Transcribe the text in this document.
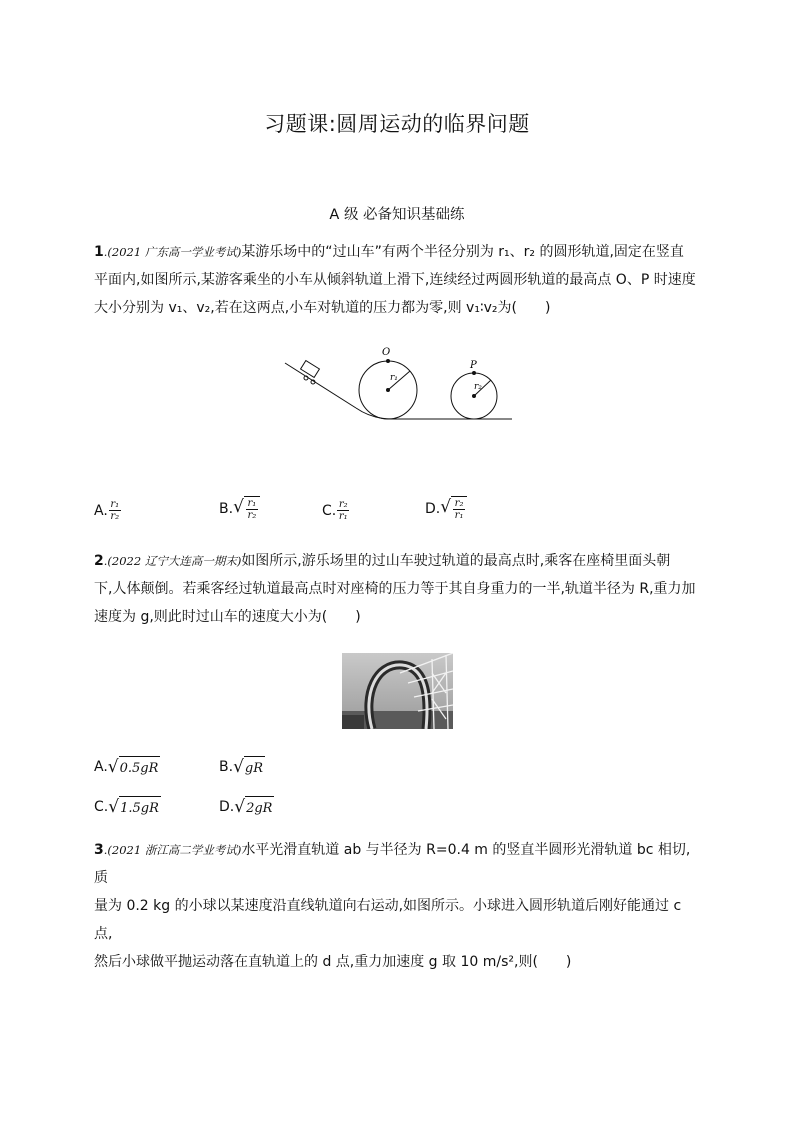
习题课:圆周运动的临界问题
A 级 必备知识基础练
1.(2021 广东高一学业考试)某游乐场中的“过山车”有两个半径分别为 r₁、r₂ 的圆形轨道,固定在竖直
平面内,如图所示,某游客乘坐的小车从倾斜轨道上滑下,连续经过两圆形轨道的最高点 O、P 时速度
大小分别为 v₁、v₂,若在这两点,小车对轨道的压力都为零,则 v₁∶v₂为(　　)
O
P
r₁
r₂
A. $\frac{\text{r₁}}{\text{r₂}}$	B. √ $\frac{\text{r₁}}{\text{r₂}}$	C. $\frac{\text{r₂}}{\text{r₁}}$	D. √ $\frac{\text{r₂}}{\text{r₁}}$
2.(2022 辽宁大连高一期末)如图所示,游乐场里的过山车驶过轨道的最高点时,乘客在座椅里面头朝
下,人体颠倒。若乘客经过轨道最高点时对座椅的压力等于其自身重力的一半,轨道半径为 R,重力加
速度为 g,则此时过山车的速度大小为(　　)
A. √ 0.5gR	B. √ gR
C. √ 1.5gR	D. √ 2gR
3.(2021 浙江高二学业考试)水平光滑直轨道 ab 与半径为 R=0.4 m 的竖直半圆形光滑轨道 bc 相切,质
量为 0.2 kg 的小球以某速度沿直线轨道向右运动,如图所示。小球进入圆形轨道后刚好能通过 c 点,
然后小球做平抛运动落在直轨道上的 d 点,重力加速度 g 取 10 m/s²,则(　　)
